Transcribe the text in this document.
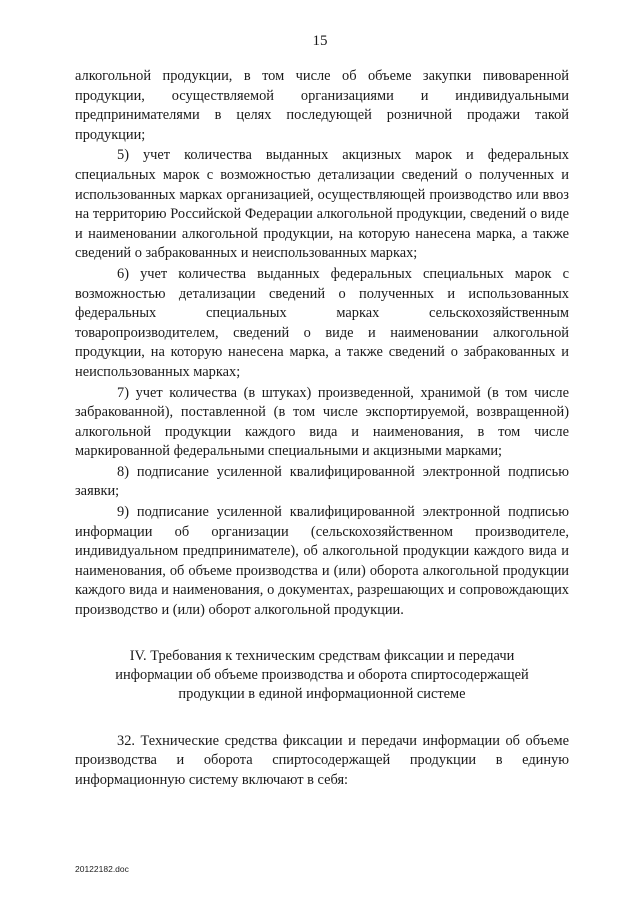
15

алкогольной продукции, в том числе об объеме закупки пивоваренной продукции, осуществляемой организациями и индивидуальными предпринимателями в целях последующей розничной продажи такой продукции;

5) учет количества выданных акцизных марок и федеральных специальных марок с возможностью детализации сведений о полученных и использованных марках организацией, осуществляющей производство или ввоз на территорию Российской Федерации алкогольной продукции, сведений о виде и наименовании алкогольной продукции, на которую нанесена марка, а также сведений о забракованных и неиспользованных марках;

6) учет количества выданных федеральных специальных марок с возможностью детализации сведений о полученных и использованных федеральных специальных марках сельскохозяйственным товаропроизводителем, сведений о виде и наименовании алкогольной продукции, на которую нанесена марка, а также сведений о забракованных и неиспользованных марках;

7) учет количества (в штуках) произведенной, хранимой (в том числе забракованной), поставленной (в том числе экспортируемой, возвращенной) алкогольной продукции каждого вида и наименования, в том числе маркированной федеральными специальными и акцизными марками;

8) подписание усиленной квалифицированной электронной подписью заявки;

9) подписание усиленной квалифицированной электронной подписью информации об организации (сельскохозяйственном производителе, индивидуальном предпринимателе), об алкогольной продукции каждого вида и наименования, об объеме производства и (или) оборота алкогольной продукции каждого вида и наименования, о документах, разрешающих и сопровождающих производство и (или) оборот алкогольной продукции.

IV. Требования к техническим средствам фиксации и передачи
информации об объеме производства и оборота спиртосодержащей
продукции в единой информационной системе

32. Технические средства фиксации и передачи информации об объеме производства и оборота спиртосодержащей продукции в единую информационную систему включают в себя:

20122182.doc
